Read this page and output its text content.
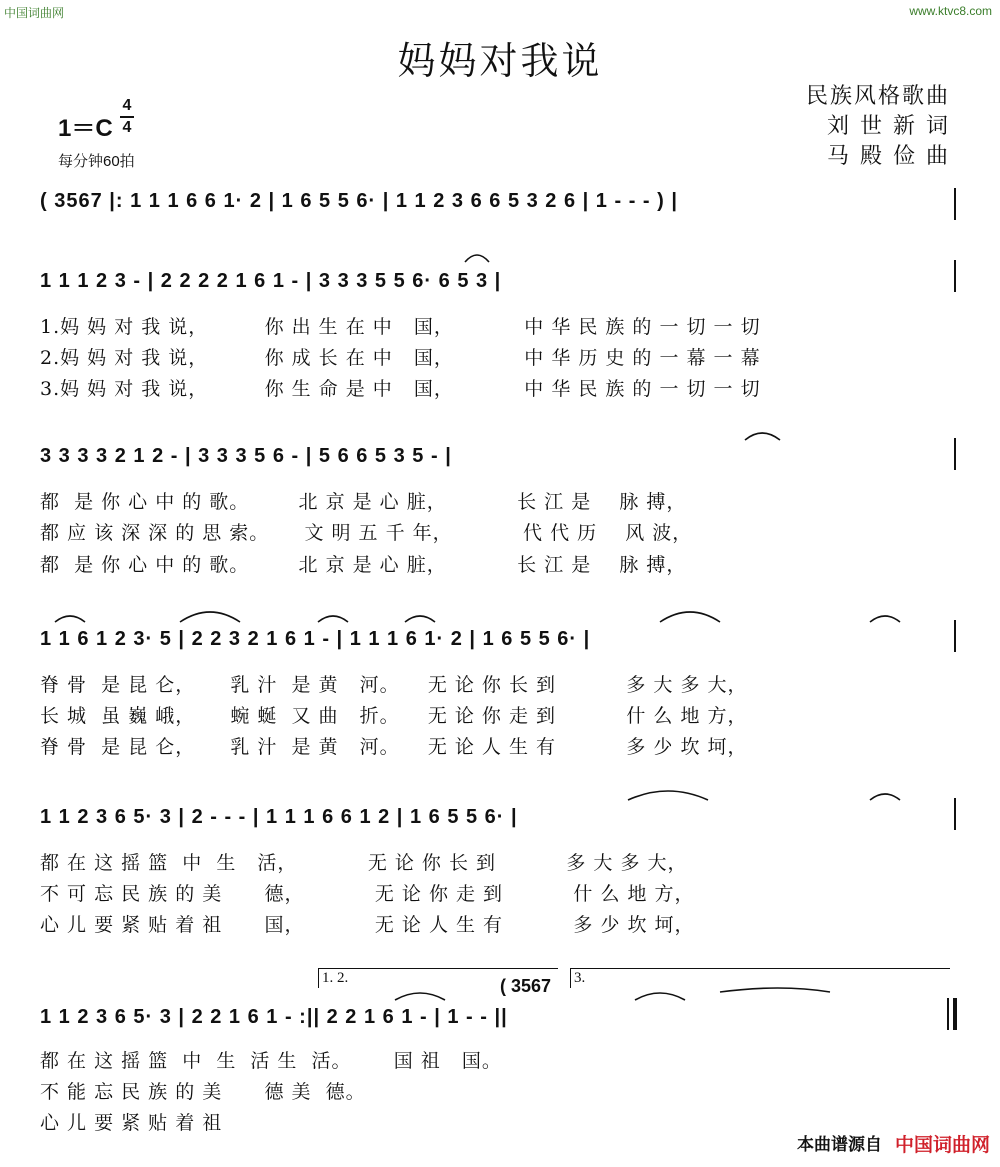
中国词曲网	www.ktvc8.com
妈妈对我说
民族风格歌曲
刘 世 新 词
马 殿 俭 曲
1＝C
4
4
每分钟60拍
( 3567 |: 1 1 1 6 6 1· 2 | 1 6 5 5 6· | 1 1 2 3 6 6 5 3 2 6 | 1 - - - ) |
1 1 1 2 3 - | 2 2 2 2 1 6 1 - | 3 3 3 5 5 6· 6 5 3 |
3 3 3 3 2 1 2 - | 3 3 3 5 6 - | 5 6 6 5 3 5 - |
1 1 6 1 2 3· 5 | 2 2 3 2 1 6 1 - | 1 1 1 6 1· 2 | 1 6 5 5 6· |
1 1 2 3 6 5· 3 | 2 - - - | 1 1 1 6 6 1 2 | 1 6 5 5 6· |
1 1 2 3 6 5· 3 | 2 2 1 6 1 - :|| 2 2 1 6 1 - | 1 - - ||
1.妈 妈 对 我 说，        你 出 生 在 中   国，          中 华 民 族 的 一 切 一 切
2.妈 妈 对 我 说，        你 成 长 在 中   国，          中 华 历 史 的 一 幕 一 幕
3.妈 妈 对 我 说，        你 生 命 是 中   国，          中 华 民 族 的 一 切 一 切
都  是 你 心 中 的 歌。       北 京 是 心 脏，          长 江 是    脉 搏，
都 应 该 深 深 的 思 索。     文 明 五 千 年，          代 代 历    风 波，
都  是 你 心 中 的 歌。       北 京 是 心 脏，          长 江 是    脉 搏，
脊 骨  是 昆 仑，     乳 汁  是 黄   河。    无 论 你 长 到          多 大 多 大，
长 城  虽 巍 峨，     蜿 蜒  又 曲   折。    无 论 你 走 到          什 么 地 方，
脊 骨  是 昆 仑，     乳 汁  是 黄   河。    无 论 人 生 有          多 少 坎 坷，
都 在 这 摇 篮  中  生   活，          无 论 你 长 到          多 大 多 大，
不 可 忘 民 族 的 美      德，          无 论 你 走 到          什 么 地 方，
心 儿 要 紧 贴 着 祖      国，          无 论 人 生 有          多 少 坎 坷，
都 在 这 摇 篮  中  生  活 生  活。      国 祖   国。
不 能 忘 民 族 的 美      德 美  德。
心 儿 要 紧 贴 着 祖
1. 2.	3.
( 3567
本曲谱源自 中国词曲网
